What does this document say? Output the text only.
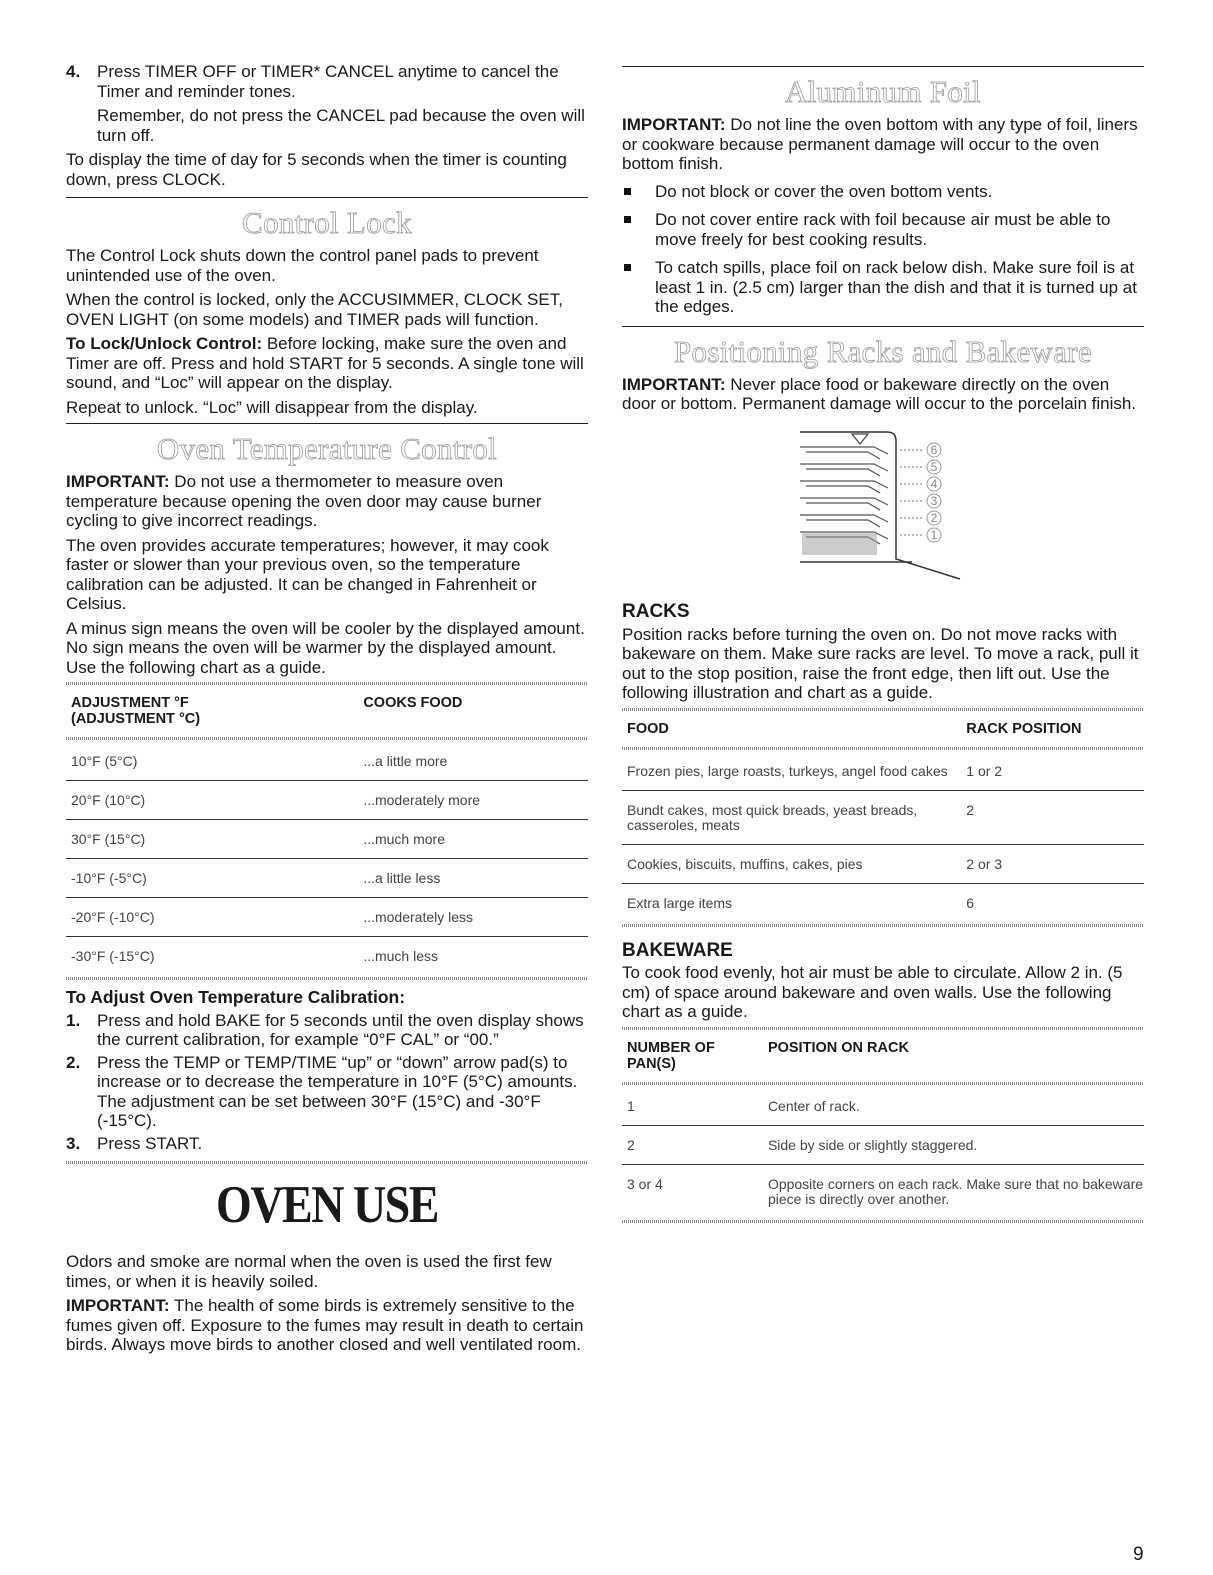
4. Press TIMER OFF or TIMER* CANCEL anytime to cancel the Timer and reminder tones.

Remember, do not press the CANCEL pad because the oven will turn off.

To display the time of day for 5 seconds when the timer is counting down, press CLOCK.

Control Lock

The Control Lock shuts down the control panel pads to prevent unintended use of the oven.

When the control is locked, only the ACCUSIMMER, CLOCK SET, OVEN LIGHT (on some models) and TIMER pads will function.

To Lock/Unlock Control: Before locking, make sure the oven and Timer are off. Press and hold START for 5 seconds. A single tone will sound, and “Loc” will appear on the display.

Repeat to unlock. “Loc” will disappear from the display.

Oven Temperature Control

IMPORTANT: Do not use a thermometer to measure oven temperature because opening the oven door may cause burner cycling to give incorrect readings.

The oven provides accurate temperatures; however, it may cook faster or slower than your previous oven, so the temperature calibration can be adjusted. It can be changed in Fahrenheit or Celsius.

A minus sign means the oven will be cooler by the displayed amount. No sign means the oven will be warmer by the displayed amount. Use the following chart as a guide.

ADJUSTMENT °F
(ADJUSTMENT °C)	COOKS FOOD
10°F (5°C)	...a little more
20°F (10°C)	...moderately more
30°F (15°C)	...much more
-10°F (-5°C)	...a little less
-20°F (-10°C)	...moderately less
-30°F (-15°C)	...much less
To Adjust Oven Temperature Calibration:
1. Press and hold BAKE for 5 seconds until the oven display shows the current calibration, for example “0°F CAL” or “00.”
2. Press the TEMP or TEMP/TIME “up” or “down” arrow pad(s) to increase or to decrease the temperature in 10°F (5°C) amounts. The adjustment can be set between 30°F (15°C) and -30°F (-15°C).
3. Press START.
OVEN USE

Odors and smoke are normal when the oven is used the first few times, or when it is heavily soiled.

IMPORTANT: The health of some birds is extremely sensitive to the fumes given off. Exposure to the fumes may result in death to certain birds. Always move birds to another closed and well ventilated room.

Aluminum Foil

IMPORTANT: Do not line the oven bottom with any type of foil, liners or cookware because permanent damage will occur to the oven bottom finish.

Do not block or cover the oven bottom vents.
Do not cover entire rack with foil because air must be able to move freely for best cooking results.
To catch spills, place foil on rack below dish. Make sure foil is at least 1 in. (2.5 cm) larger than the dish and that it is turned up at the edges.
Positioning Racks and Bakeware

IMPORTANT: Never place food or bakeware directly on the oven door or bottom. Permanent damage will occur to the porcelain finish.

6
5
4
3
2
1
RACKS

Position racks before turning the oven on. Do not move racks with bakeware on them. Make sure racks are level. To move a rack, pull it out to the stop position, raise the front edge, then lift out. Use the following illustration and chart as a guide.

FOOD	RACK POSITION
Frozen pies, large roasts, turkeys, angel food cakes	1 or 2
Bundt cakes, most quick breads, yeast breads, casseroles, meats	2
Cookies, biscuits, muffins, cakes, pies	2 or 3
Extra large items	6
BAKEWARE

To cook food evenly, hot air must be able to circulate. Allow 2 in. (5 cm) of space around bakeware and oven walls. Use the following chart as a guide.

NUMBER OF PAN(S)	POSITION ON RACK
1	Center of rack.
2	Side by side or slightly staggered.
3 or 4	Opposite corners on each rack. Make sure that no bakeware piece is directly over another.
9
